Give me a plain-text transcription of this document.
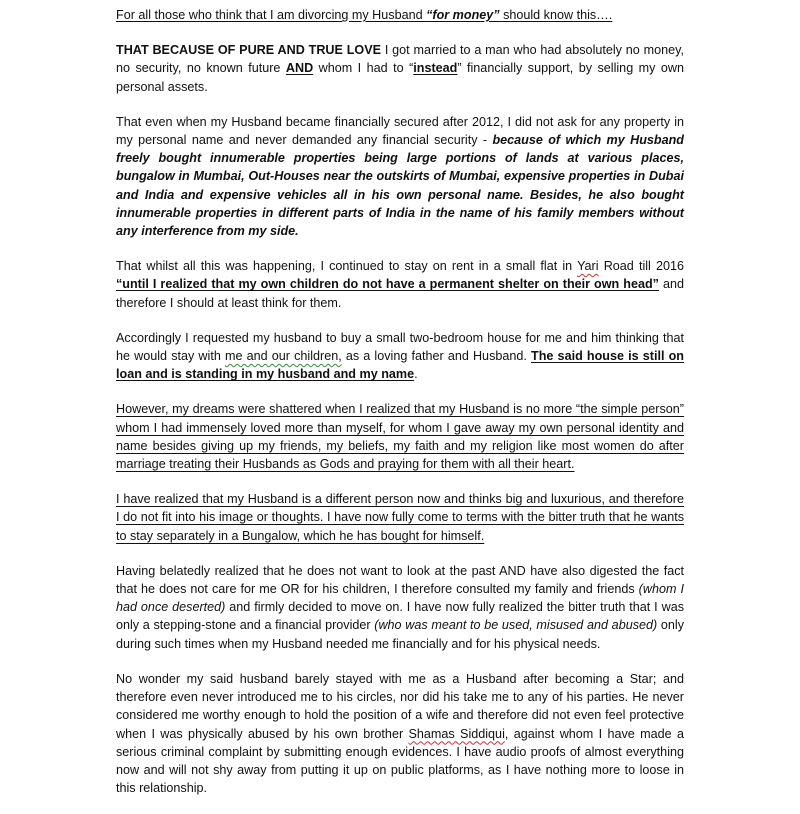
For all those who think that I am divorcing my Husband “for money” should know this….

THAT BECAUSE OF PURE AND TRUE LOVE I got married to a man who had absolutely no money, no security, no known future AND whom I had to “instead” financially support, by selling my own personal assets.

That even when my Husband became financially secured after 2012, I did not ask for any property in my personal name and never demanded any financial security - because of which my Husband freely bought innumerable properties being large portions of lands at various places, bungalow in Mumbai, Out-Houses near the outskirts of Mumbai, expensive properties in Dubai and India and expensive vehicles all in his own personal name. Besides, he also bought innumerable properties in different parts of India in the name of his family members without any interference from my side.

That whilst all this was happening, I continued to stay on rent in a small flat in Yari Road till 2016 “until I realized that my own children do not have a permanent shelter on their own head” and therefore I should at least think for them.

Accordingly I requested my husband to buy a small two-bedroom house for me and him thinking that he would stay with me and our children, as a loving father and Husband. The said house is still on loan and is standing in my husband and my name.

However, my dreams were shattered when I realized that my Husband is no more “the simple person” whom I had immensely loved more than myself, for whom I gave away my own personal identity and name besides giving up my friends, my beliefs, my faith and my religion like most women do after marriage treating their Husbands as Gods and praying for them with all their heart.

I have realized that my Husband is a different person now and thinks big and luxurious, and therefore I do not fit into his image or thoughts. I have now fully come to terms with the bitter truth that he wants to stay separately in a Bungalow, which he has bought for himself.

Having belatedly realized that he does not want to look at the past AND have also digested the fact that he does not care for me OR for his children, I therefore consulted my family and friends (whom I had once deserted) and firmly decided to move on. I have now fully realized the bitter truth that I was only a stepping-stone and a financial provider (who was meant to be used, misused and abused) only during such times when my Husband needed me financially and for his physical needs.

No wonder my said husband barely stayed with me as a Husband after becoming a Star; and therefore even never introduced me to his circles, nor did his take me to any of his parties. He never considered me worthy enough to hold the position of a wife and therefore did not even feel protective when I was physically abused by his own brother Shamas Siddiqui, against whom I have made a serious criminal complaint by submitting enough evidences. I have audio proofs of almost everything now and will not shy away from putting it up on public platforms, as I have nothing more to loose in this relationship.
